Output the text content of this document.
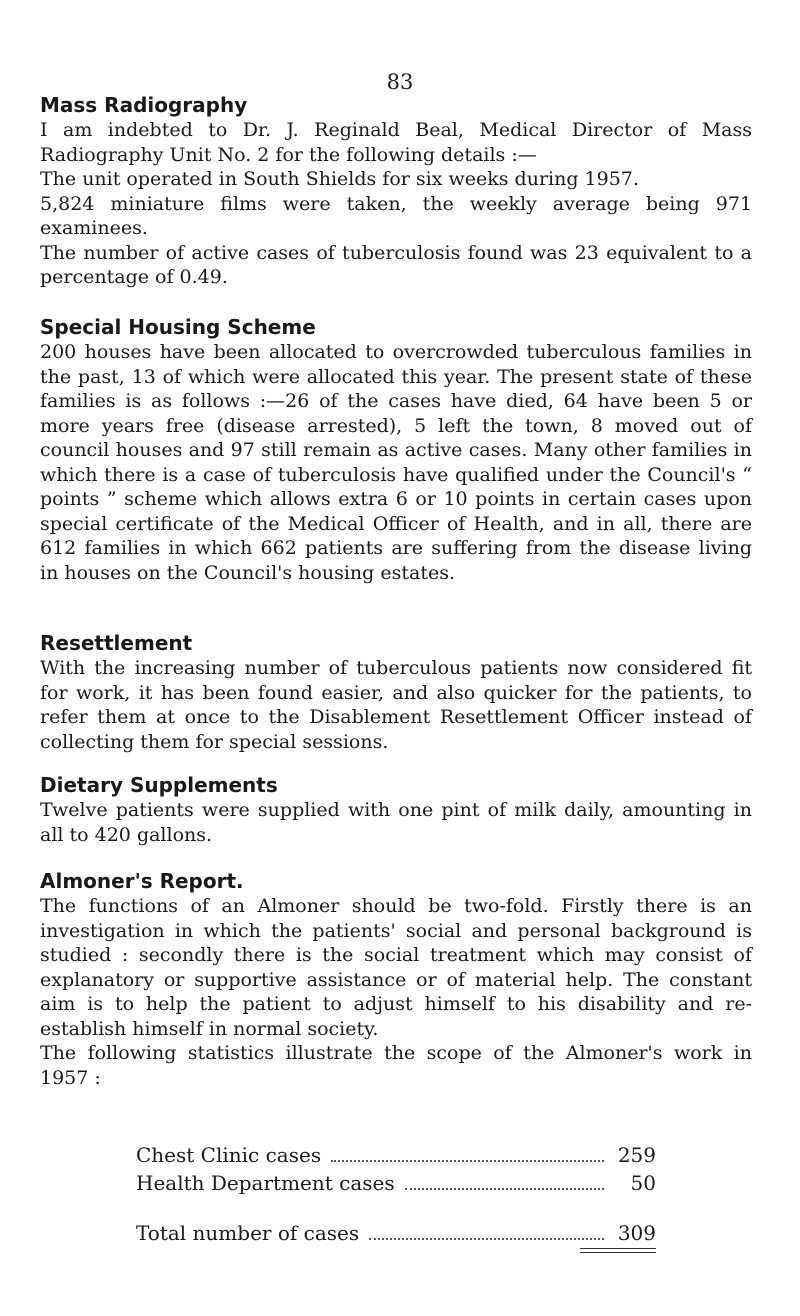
83
Mass Radiography

I am indebted to Dr. J. Reginald Beal, Medical Director of Mass Radiography Unit No. 2 for the following details :—

The unit operated in South Shields for six weeks during 1957.

5,824 miniature films were taken, the weekly average being 971 examinees.

The number of active cases of tuberculosis found was 23 equivalent to a percentage of 0.49.

Special Housing Scheme

200 houses have been allocated to overcrowded tuberculous families in the past, 13 of which were allocated this year. The present state of these families is as follows :—26 of the cases have died, 64 have been 5 or more years free (disease arrested), 5 left the town, 8 moved out of council houses and 97 still remain as active cases. Many other families in which there is a case of tuberculosis have qualified under the Council's “ points ” scheme which allows extra 6 or 10 points in certain cases upon special certificate of the Medical Officer of Health, and in all, there are 612 families in which 662 patients are suffering from the disease living in houses on the Council's housing estates.

Resettlement

With the increasing number of tuberculous patients now considered fit for work, it has been found easier, and also quicker for the patients, to refer them at once to the Disablement Resettlement Officer instead of collecting them for special sessions.

Dietary Supplements

Twelve patients were supplied with one pint of milk daily, amounting in all to 420 gallons.

Almoner's Report.

The functions of an Almoner should be two-fold. Firstly there is an investigation in which the patients' social and personal background is studied : secondly there is the social treatment which may consist of explanatory or supportive assistance or of material help. The constant aim is to help the patient to adjust himself to his disability and re-establish himself in normal society.

The following statistics illustrate the scope of the Almoner's work in 1957 :

Chest Clinic cases	259
Health Department cases	50
Total number of cases	309
